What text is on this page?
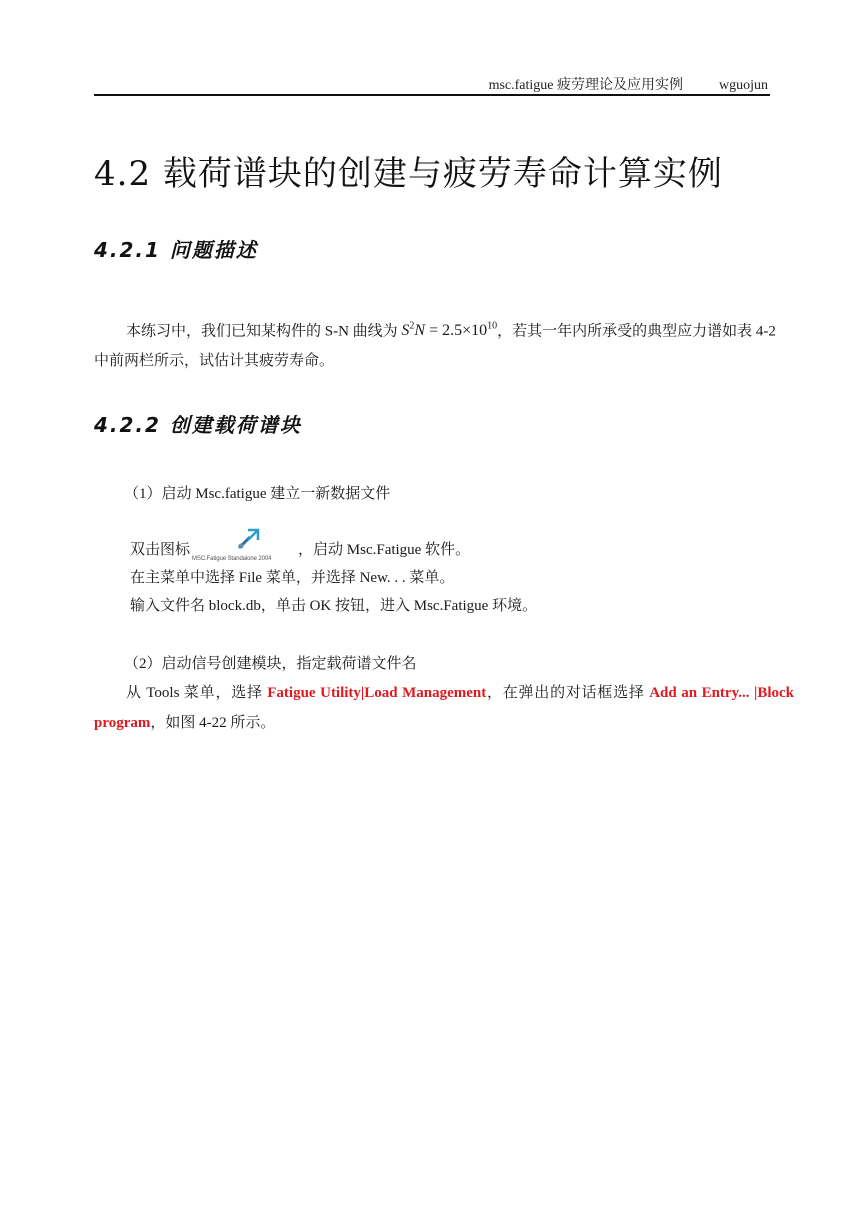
msc.fatigue 疲劳理论及应用实例	wguojun
4.2 载荷谱块的创建与疲劳寿命计算实例
4.2.1 问题描述

本练习中，我们已知某构件的 S-N 曲线为 $S^2N = 2.5\times 10^{10}$，若其一年内所承受的典型应力谱如表 4-2 中前两栏所示，试估计其疲劳寿命。

4.2.2 创建载荷谱块

（1）启动 Msc.fatigue 建立一新数据文件

双击图标
MSC.Fatigue Standalone 2004
，启动 Msc.Fatigue 软件。

在主菜单中选择 File 菜单，并选择 New. . . 菜单。

输入文件名 block.db，单击 OK 按钮，进入 Msc.Fatigue 环境。

（2）启动信号创建模块，指定载荷谱文件名

从 Tools 菜单，选择 Fatigue Utility|Load Management，在弹出的对话框选择 Add an Entry... |Block program，如图 4-22 所示。
